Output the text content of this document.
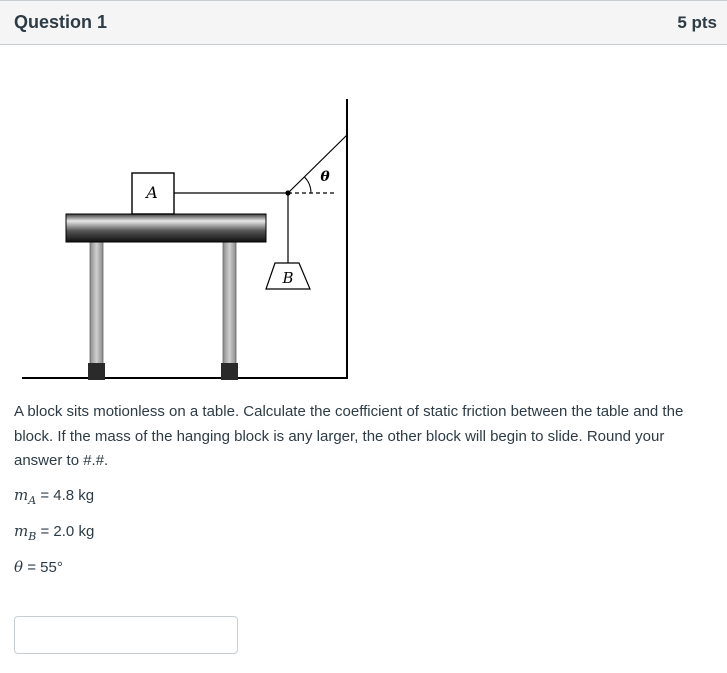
Question 1	5 pts
A
θ
B

A block sits motionless on a table. Calculate the coefficient of static friction between the table and the block. If the mass of the hanging block is any larger, the other block will begin to slide. Round your answer to #.#.

$m_A = 4.8$ kg
$m_B = 2.0$ kg
θ = 55°
